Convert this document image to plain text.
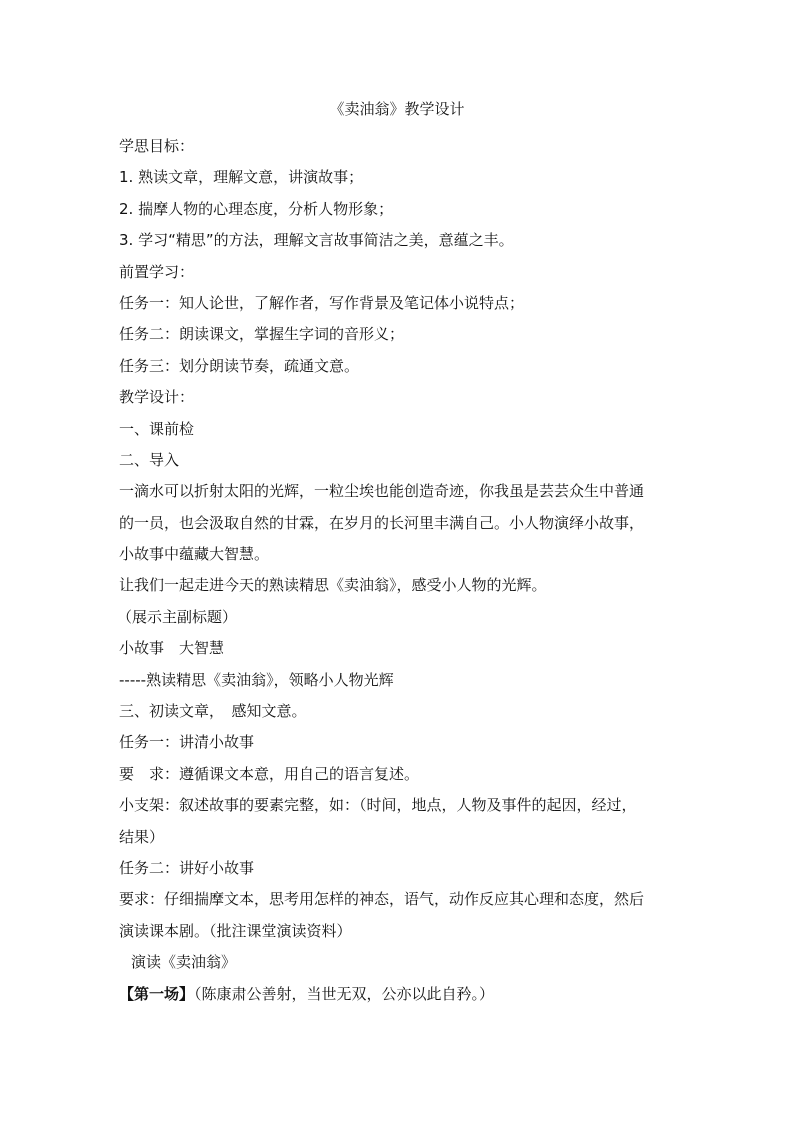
《卖油翁》教学设计
学思目标：
1. 熟读文章，理解文意，讲演故事；
2. 揣摩人物的心理态度，分析人物形象；
3. 学习“精思”的方法，理解文言故事简洁之美，意蕴之丰。
前置学习：
任务一：知人论世，了解作者，写作背景及笔记体小说特点；
任务二：朗读课文，掌握生字词的音形义；
任务三：划分朗读节奏，疏通文意。
教学设计：
一、课前检
二、导入
一滴水可以折射太阳的光辉，一粒尘埃也能创造奇迹，你我虽是芸芸众生中普通
的一员，也会汲取自然的甘霖，在岁月的长河里丰满自己。小人物演绎小故事，
小故事中蕴藏大智慧。
让我们一起走进今天的熟读精思《卖油翁》，感受小人物的光辉。
（展示主副标题）
小故事　大智慧
-----熟读精思《卖油翁》，领略小人物光辉
三、初读文章，　感知文意。
任务一：讲清小故事
要　求：遵循课文本意，用自己的语言复述。
小支架：叙述故事的要素完整，如：（时间，地点，人物及事件的起因，经过，
结果）
任务二：讲好小故事
要求：仔细揣摩文本，思考用怎样的神态，语气，动作反应其心理和态度，然后
演读课本剧。（批注课堂演读资料）
演读《卖油翁》
【第一场】（陈康肃公善射，当世无双，公亦以此自矜。）
